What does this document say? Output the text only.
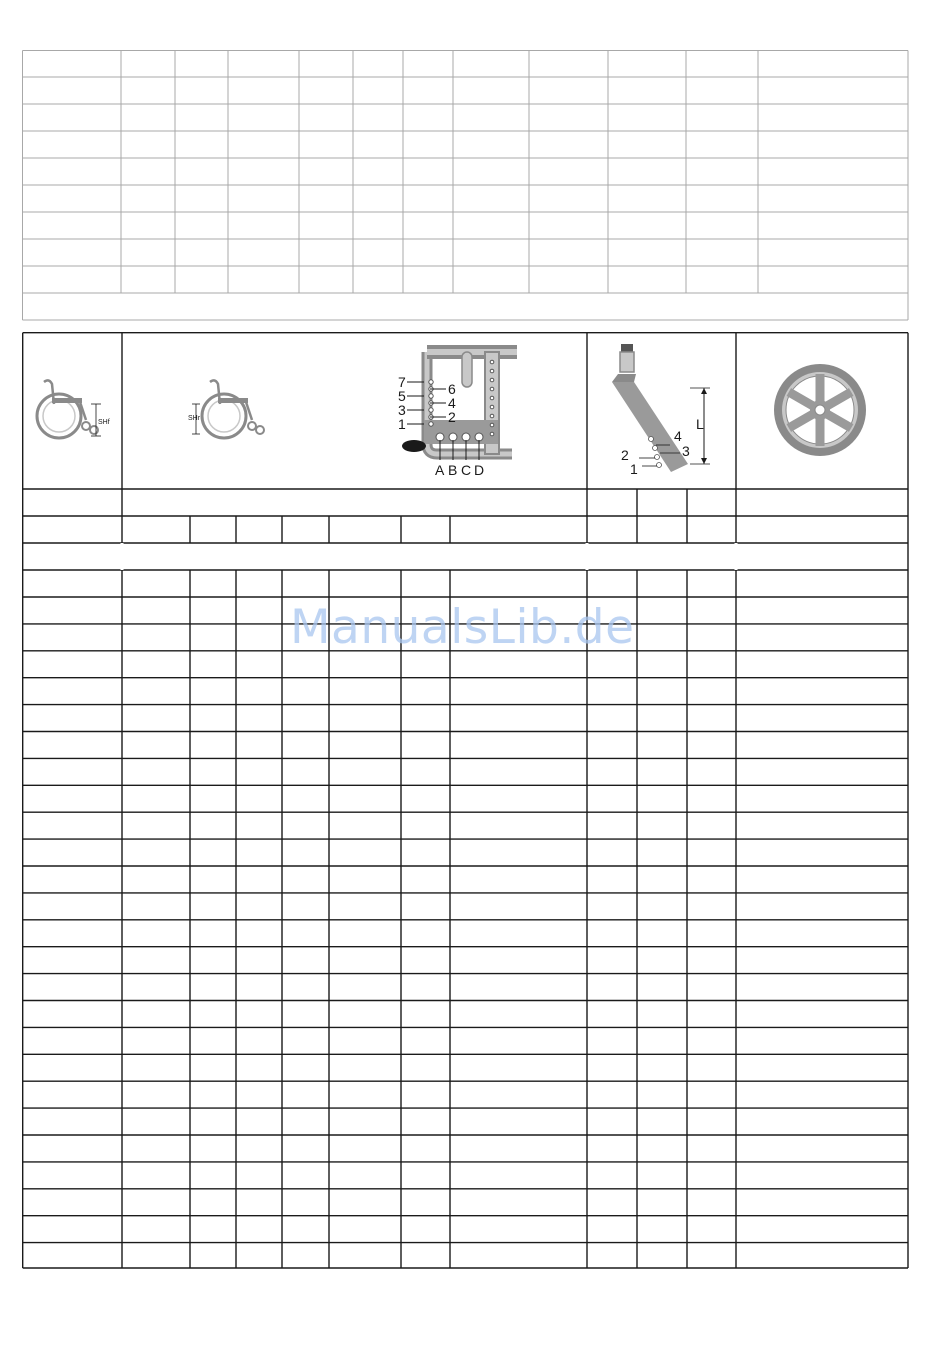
SHf
SHr
7
5
3
1
6
4
2
A B C D
L
4
3
2
1
ManualsLib.de
